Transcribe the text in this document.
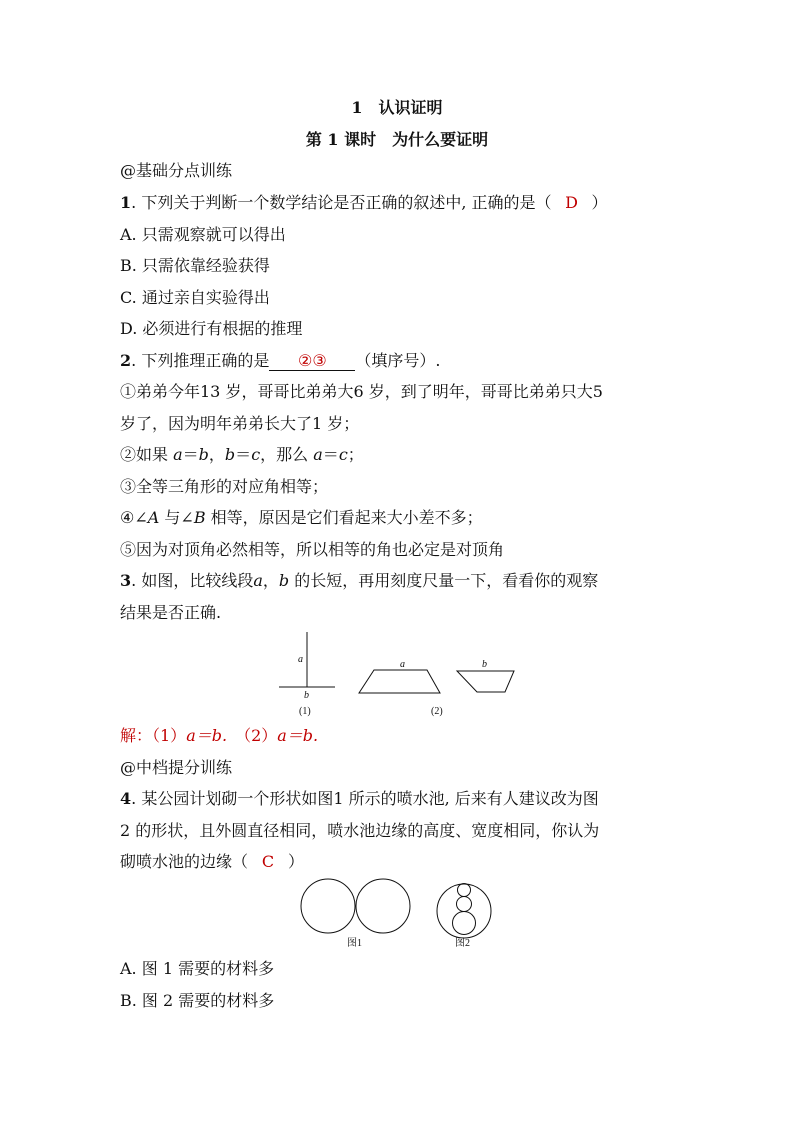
1　认识证明
第 1 课时　为什么要证明
@基础分点训练
1. 下列关于判断一个数学结论是否正确的叙述中, 正确的是（ D ）
A. 只需观察就可以得出
B. 只需依靠经验获得
C. 通过亲自实验得出
D. 必须进行有根据的推理
2. 下列推理正确的是 ②③ （填序号）.
①弟弟今年13 岁，哥哥比弟弟大6 岁，到了明年，哥哥比弟弟只大5
岁了，因为明年弟弟长大了1 岁；
②如果 a＝b，b＝c，那么 a＝c；
③全等三角形的对应角相等；
④∠A 与∠B 相等，原因是它们看起来大小差不多；
⑤因为对顶角必然相等，所以相等的角也必定是对顶角
3. 如图，比较线段a，b 的长短，再用刻度尺量一下，看看你的观察
结果是否正确.
a
b
(1)
a	b
(2)
解：（1）a＝b.　（2）a＝b.
@中档提分训练
4. 某公园计划砌一个形状如图1 所示的喷水池, 后来有人建议改为图
2 的形状，且外圆直径相同，喷水池边缘的高度、宽度相同，你认为
砌喷水池的边缘（ C ）
图1	图2
A. 图 1 需要的材料多
B. 图 2 需要的材料多
